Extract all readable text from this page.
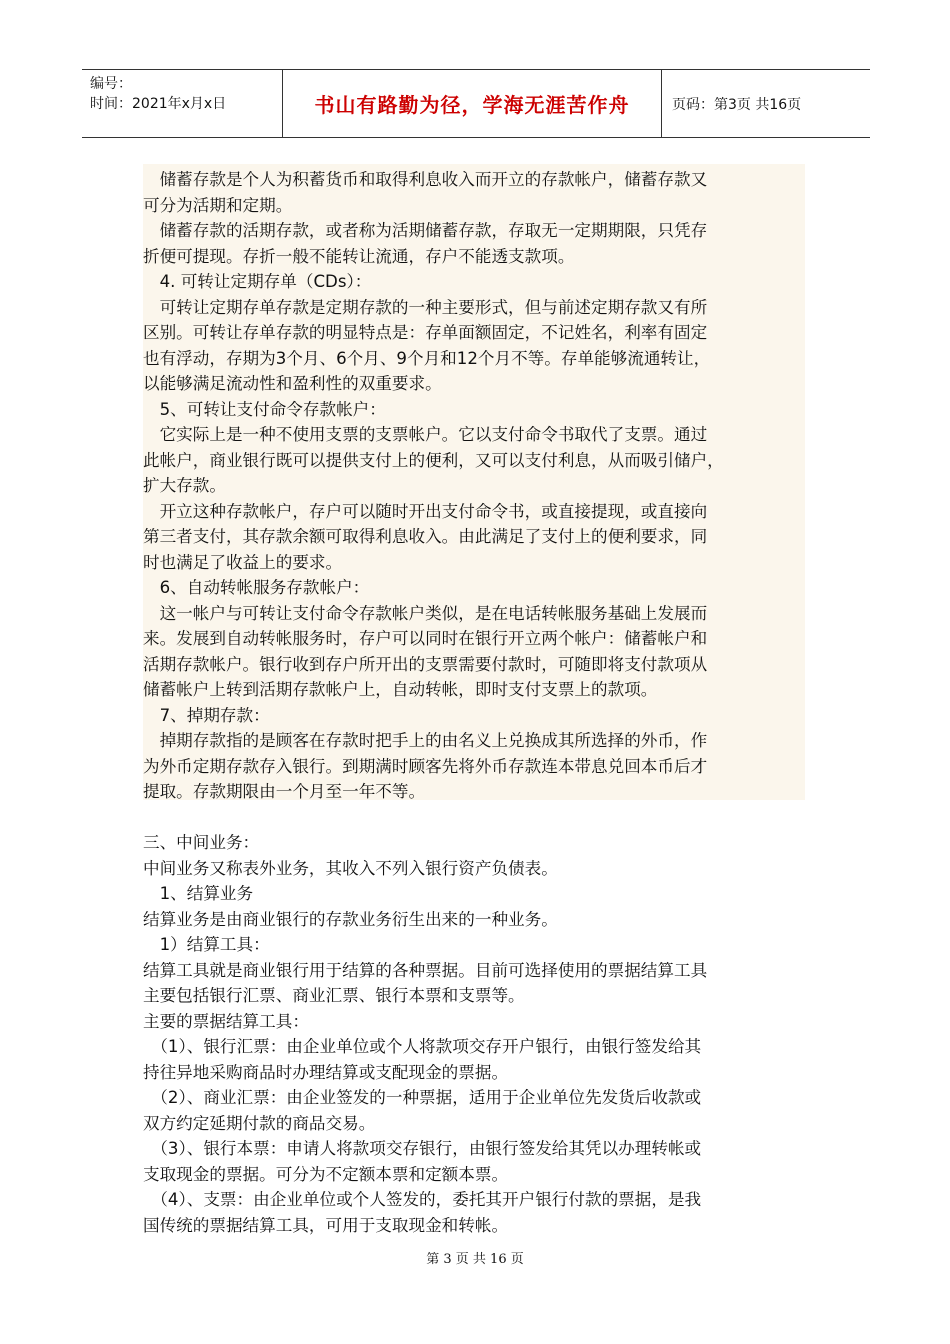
编号：
时间：2021年x月x日	书山有路勤为径，学海无涯苦作舟	页码：第3页 共16页
　储蓄存款是个人为积蓄货币和取得利息收入而开立的存款帐户，储蓄存款又
可分为活期和定期。
　储蓄存款的活期存款，或者称为活期储蓄存款，存取无一定期期限，只凭存
折便可提现。存折一般不能转让流通，存户不能透支款项。
　4. 可转让定期存单（CDs）：
　可转让定期存单存款是定期存款的一种主要形式，但与前述定期存款又有所
区别。可转让存单存款的明显特点是：存单面额固定，不记姓名，利率有固定
也有浮动，存期为3个月、6个月、9个月和12个月不等。存单能够流通转让，
以能够满足流动性和盈利性的双重要求。
　5、可转让支付命令存款帐户：
　它实际上是一种不使用支票的支票帐户。它以支付命令书取代了支票。通过
此帐户，商业银行既可以提供支付上的便利，又可以支付利息，从而吸引储户，
扩大存款。
　开立这种存款帐户，存户可以随时开出支付命令书，或直接提现，或直接向
第三者支付，其存款余额可取得利息收入。由此满足了支付上的便利要求，同
时也满足了收益上的要求。
　6、自动转帐服务存款帐户：
　这一帐户与可转让支付命令存款帐户类似，是在电话转帐服务基础上发展而
来。发展到自动转帐服务时，存户可以同时在银行开立两个帐户：储蓄帐户和
活期存款帐户。银行收到存户所开出的支票需要付款时，可随即将支付款项从
储蓄帐户上转到活期存款帐户上，自动转帐，即时支付支票上的款项。
　7、掉期存款：
　掉期存款指的是顾客在存款时把手上的由名义上兑换成其所选择的外币，作
为外币定期存款存入银行。到期满时顾客先将外币存款连本带息兑回本币后才
提取。存款期限由一个月至一年不等。
三、中间业务：
中间业务又称表外业务，其收入不列入银行资产负债表。
　1、结算业务
结算业务是由商业银行的存款业务衍生出来的一种业务。
　1）结算工具：
结算工具就是商业银行用于结算的各种票据。目前可选择使用的票据结算工具
主要包括银行汇票、商业汇票、银行本票和支票等。
主要的票据结算工具：
　（1）、银行汇票：由企业单位或个人将款项交存开户银行，由银行签发给其
持往异地采购商品时办理结算或支配现金的票据。
　（2）、商业汇票：由企业签发的一种票据，适用于企业单位先发货后收款或
双方约定延期付款的商品交易。
　（3）、银行本票：申请人将款项交存银行，由银行签发给其凭以办理转帐或
支取现金的票据。可分为不定额本票和定额本票。
　（4）、支票：由企业单位或个人签发的，委托其开户银行付款的票据，是我
国传统的票据结算工具，可用于支取现金和转帐。
第 3 页 共 16 页
